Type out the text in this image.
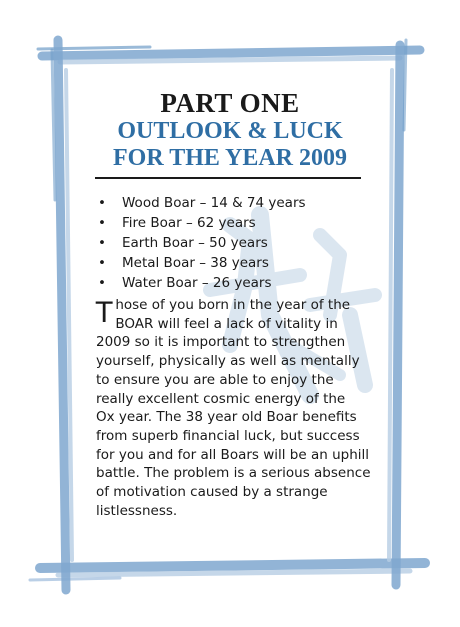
PART ONE
OUTLOOK & LUCK
FOR THE YEAR 2009
• Wood Boar – 14 & 74 years
• Fire Boar – 62 years
• Earth Boar – 50 years
• Metal Boar – 38 years
• Water Boar – 26 years
T hose of you born in the year of the
BOAR will feel a lack of vitality in
2009 so it is important to strengthen
yourself, physically as well as mentally
to ensure you are able to enjoy the
really excellent cosmic energy of the
Ox year. The 38 year old Boar benefits
from superb financial luck, but success
for you and for all Boars will be an uphill
battle. The problem is a serious absence
of motivation caused by a strange
listlessness.
